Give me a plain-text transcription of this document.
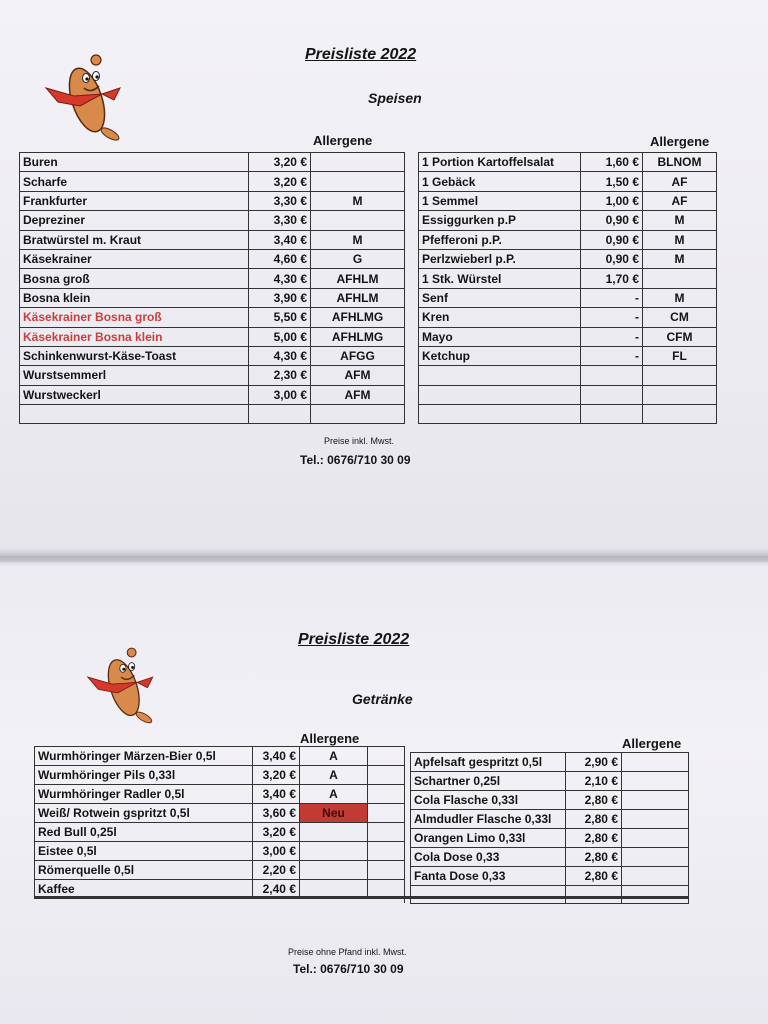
Preisliste 2022
Speisen
Allergene	Allergene
Buren	3,20 €	
Scharfe	3,20 €	
Frankfurter	3,30 €	M
Depreziner	3,30 €	
Bratwürstel m. Kraut	3,40 €	M
Käsekrainer	4,60 €	G
Bosna groß	4,30 €	AFHLM
Bosna klein	3,90 €	AFHLM
Käsekrainer Bosna groß	5,50 €	AFHLMG
Käsekrainer Bosna klein	5,00 €	AFHLMG
Schinkenwurst-Käse-Toast	4,30 €	AFGG
Wurstsemmerl	2,30 €	AFM
Wurstweckerl	3,00 €	AFM

	1 Portion Kartoffelsalat	1,60 €	BLNOM
	1 Gebäck	1,50 €	AF
	1 Semmel	1,00 €	AF
	Essiggurken p.P	0,90 €	M
	Pfefferoni p.P.	0,90 €	M
	Perlzwieberl p.P.	0,90 €	M
	1 Stk. Würstel	1,70 €	
	Senf	-	M
	Kren	-	CM
	Mayo	-	CFM
	Ketchup	-	FL

Preise inkl. Mwst.
Tel.: 0676/710 30 09
Preisliste 2022
Getränke
Allergene	Allergene
Wurmhöringer Märzen-Bier 0,5l	3,40 €	A	
Wurmhöringer Pils 0,33l	3,20 €	A	
Wurmhöringer Radler 0,5l	3,40 €	A	
Weiß/ Rotwein gspritzt 0,5l	3,60 €	Neu	
Red Bull 0,25l	3,20 €		
Eistee 0,5l	3,00 €		
Römerquelle 0,5l	2,20 €		
Kaffee	2,40 €		
	Apfelsaft gespritzt 0,5l	2,90 €	
	Schartner 0,25l	2,10 €	
	Cola Flasche 0,33l	2,80 €	
	Almdudler Flasche 0,33l	2,80 €	
	Orangen Limo 0,33l	2,80 €	
	Cola Dose 0,33	2,80 €	
	Fanta Dose 0,33	2,80 €	

Preise ohne Pfand inkl. Mwst.
Tel.: 0676/710 30 09
